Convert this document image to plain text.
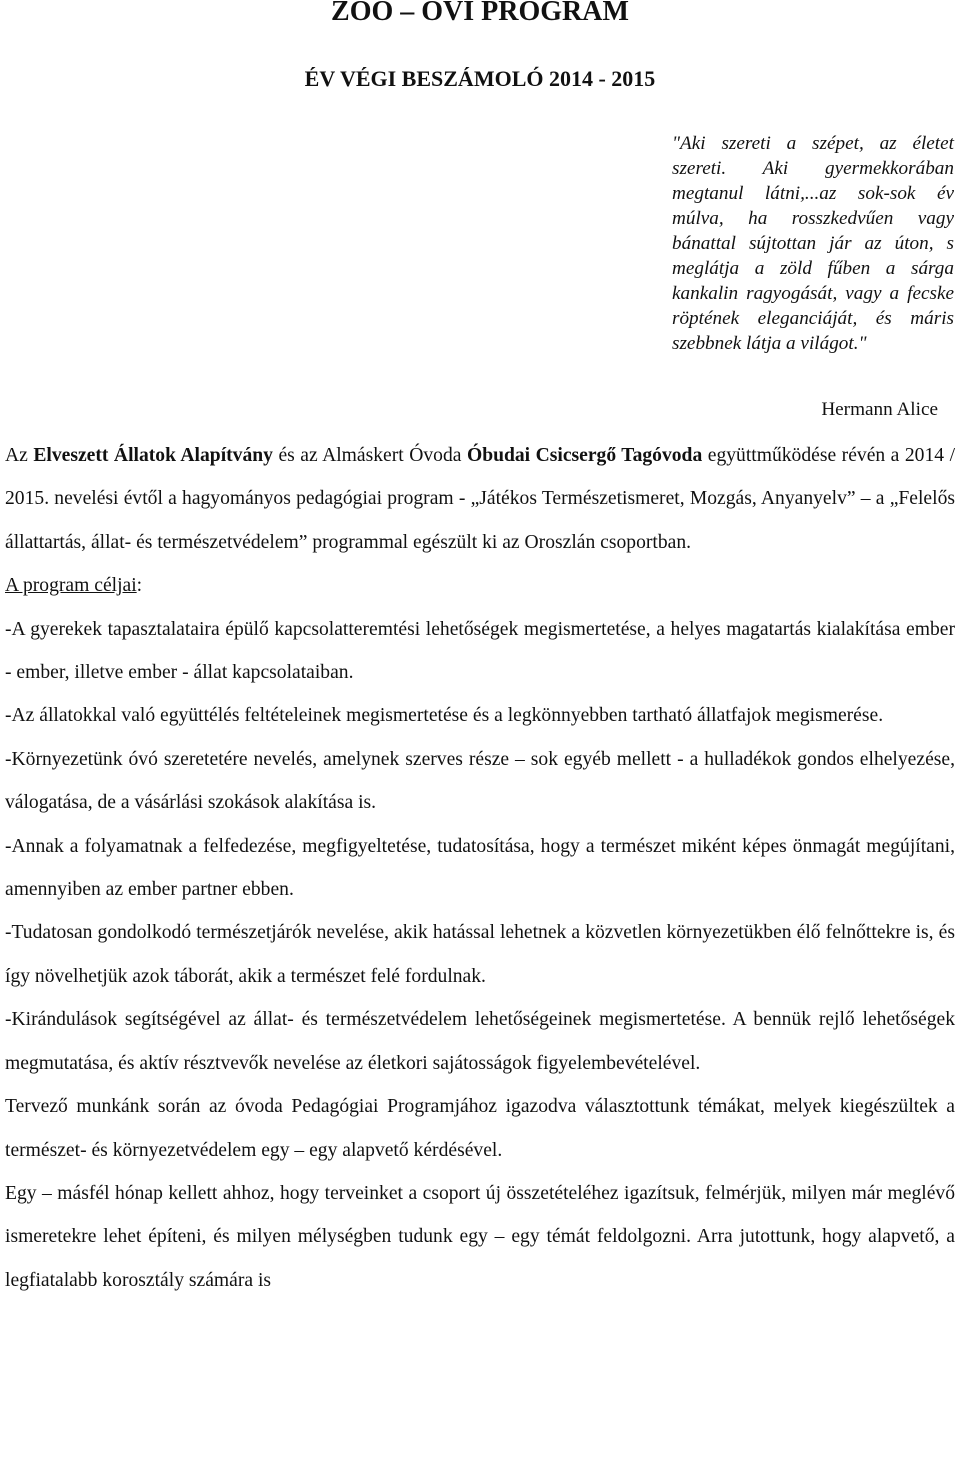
ZOO – OVI PROGRAM
ÉV VÉGI BESZÁMOLÓ 2014 - 2015
"Aki szereti a szépet, az életet szereti. Aki gyermekkorában megtanul látni,...az sok-sok év múlva, ha rosszkedvűen vagy bánattal sújtottan jár az úton, s meglátja a zöld fűben a sárga kankalin ragyogását, vagy a fecske röptének eleganciáját, és máris szebbnek látja a világot."
Hermann Alice

Az Elveszett Állatok Alapítvány és az Almáskert Óvoda Óbudai Csicsergő Tagóvoda együttműködése révén a 2014 / 2015. nevelési évtől a hagyományos pedagógiai program - „Játékos Természetismeret, Mozgás, Anyanyelv” – a „Felelős állattartás, állat- és természetvédelem” programmal egészült ki az Oroszlán csoportban.

A program céljai:

-A gyerekek tapasztalataira épülő kapcsolatteremtési lehetőségek megismertetése, a helyes magatartás kialakítása ember - ember, illetve ember - állat kapcsolataiban.

-Az állatokkal való együttélés feltételeinek megismertetése és a legkönnyebben tartható állatfajok megismerése.

-Környezetünk óvó szeretetére nevelés, amelynek szerves része – sok egyéb mellett - a hulladékok gondos elhelyezése, válogatása, de a vásárlási szokások alakítása is.

-Annak a folyamatnak a felfedezése, megfigyeltetése, tudatosítása, hogy a természet miként képes önmagát megújítani, amennyiben az ember partner ebben.

-Tudatosan gondolkodó természetjárók nevelése, akik hatással lehetnek a közvetlen környezetükben élő felnőttekre is, és így növelhetjük azok táborát, akik a természet felé fordulnak.

-Kirándulások segítségével az állat- és természetvédelem lehetőségeinek megismertetése. A bennük rejlő lehetőségek megmutatása, és aktív résztvevők nevelése az életkori sajátosságok figyelembevételével.

Tervező munkánk során az óvoda Pedagógiai Programjához igazodva választottunk témákat, melyek kiegészültek a természet- és környezetvédelem egy – egy alapvető kérdésével.

Egy – másfél hónap kellett ahhoz, hogy terveinket a csoport új összetételéhez igazítsuk, felmérjük, milyen már meglévő ismeretekre lehet építeni, és milyen mélységben tudunk egy – egy témát feldolgozni. Arra jutottunk, hogy alapvető, a legfiatalabb korosztály számára is
